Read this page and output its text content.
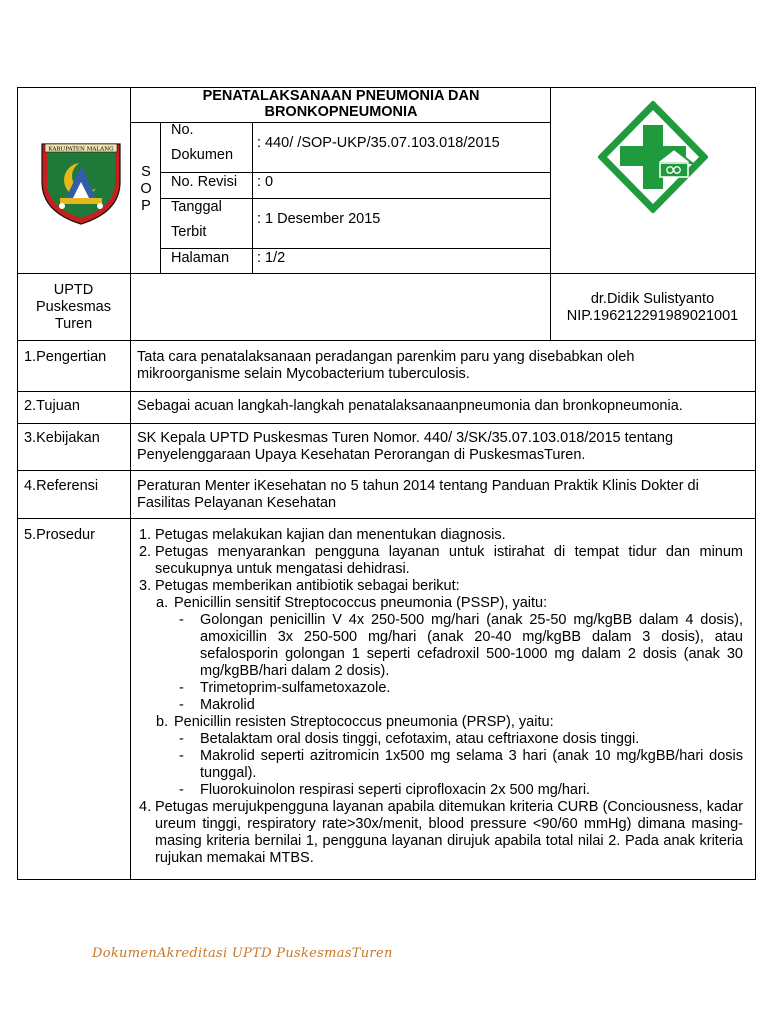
KABUPATEN MALANG
PENATALAKSANAAN PNEUMONIA DAN
BRONKOPNEUMONIA
S
O
P
No.
Dokumen
: 440/ /SOP-UKP/35.07.103.018/2015
No. Revisi : 0
Tanggal
Terbit
: 1 Desember 2015
Halaman : 1/2
UPTD
Puskesmas
Turen
dr.Didik Sulistyanto
NIP.196212291989021001
1.Pengertian Tata cara penatalaksanaan peradangan parenkim paru yang disebabkan oleh mikroorganisme selain Mycobacterium tuberculosis.
2.Tujuan	Sebagai acuan langkah-langkah penatalaksanaanpneumonia dan bronkopneumonia.
3.Kebijakan	SK Kepala UPTD Puskesmas Turen Nomor. 440/ 3/SK/35.07.103.018/2015 tentang Penyelenggaraan Upaya Kesehatan Perorangan di PuskesmasTuren.
4.Referensi	Peraturan Menter iKesehatan no 5 tahun 2014 tentang Panduan Praktik Klinis Dokter di Fasilitas Pelayanan Kesehatan
5.Prosedur	1. Petugas melakukan kajian dan menentukan diagnosis.
2. Petugas menyarankan pengguna layanan untuk istirahat di tempat tidur dan minum secukupnya untuk mengatasi dehidrasi.
3. Petugas memberikan antibiotik sebagai berikut:
a. Penicillin sensitif Streptococcus pneumonia (PSSP), yaitu:
- Golongan penicillin V 4x 250-500 mg/hari (anak 25-50 mg/kgBB dalam 4 dosis), amoxicillin 3x 250-500 mg/hari (anak 20-40 mg/kgBB dalam 3 dosis), atau sefalosporin golongan 1 seperti cefadroxil 500-1000 mg dalam 2 dosis (anak 30 mg/kgBB/hari dalam 2 dosis).
- Trimetoprim-sulfametoxazole.
- Makrolid
b. Penicillin resisten Streptococcus pneumonia (PRSP), yaitu:
- Betalaktam oral dosis tinggi, cefotaxim, atau ceftriaxone dosis tinggi.
- Makrolid seperti azitromicin 1x500 mg selama 3 hari (anak 10 mg/kgBB/hari dosis tunggal).
- Fluorokuinolon respirasi seperti ciprofloxacin 2x 500 mg/hari.
4. Petugas merujukpengguna layanan apabila ditemukan kriteria CURB (Conciousness, kadar ureum tinggi, respiratory rate>30x/menit, blood pressure <90/60 mmHg) dimana masing-masing kriteria bernilai 1, pengguna layanan dirujuk apabila total nilai 2. Pada anak kriteria rujukan memakai MTBS.
DokumenAkreditasi UPTD PuskesmasTuren
